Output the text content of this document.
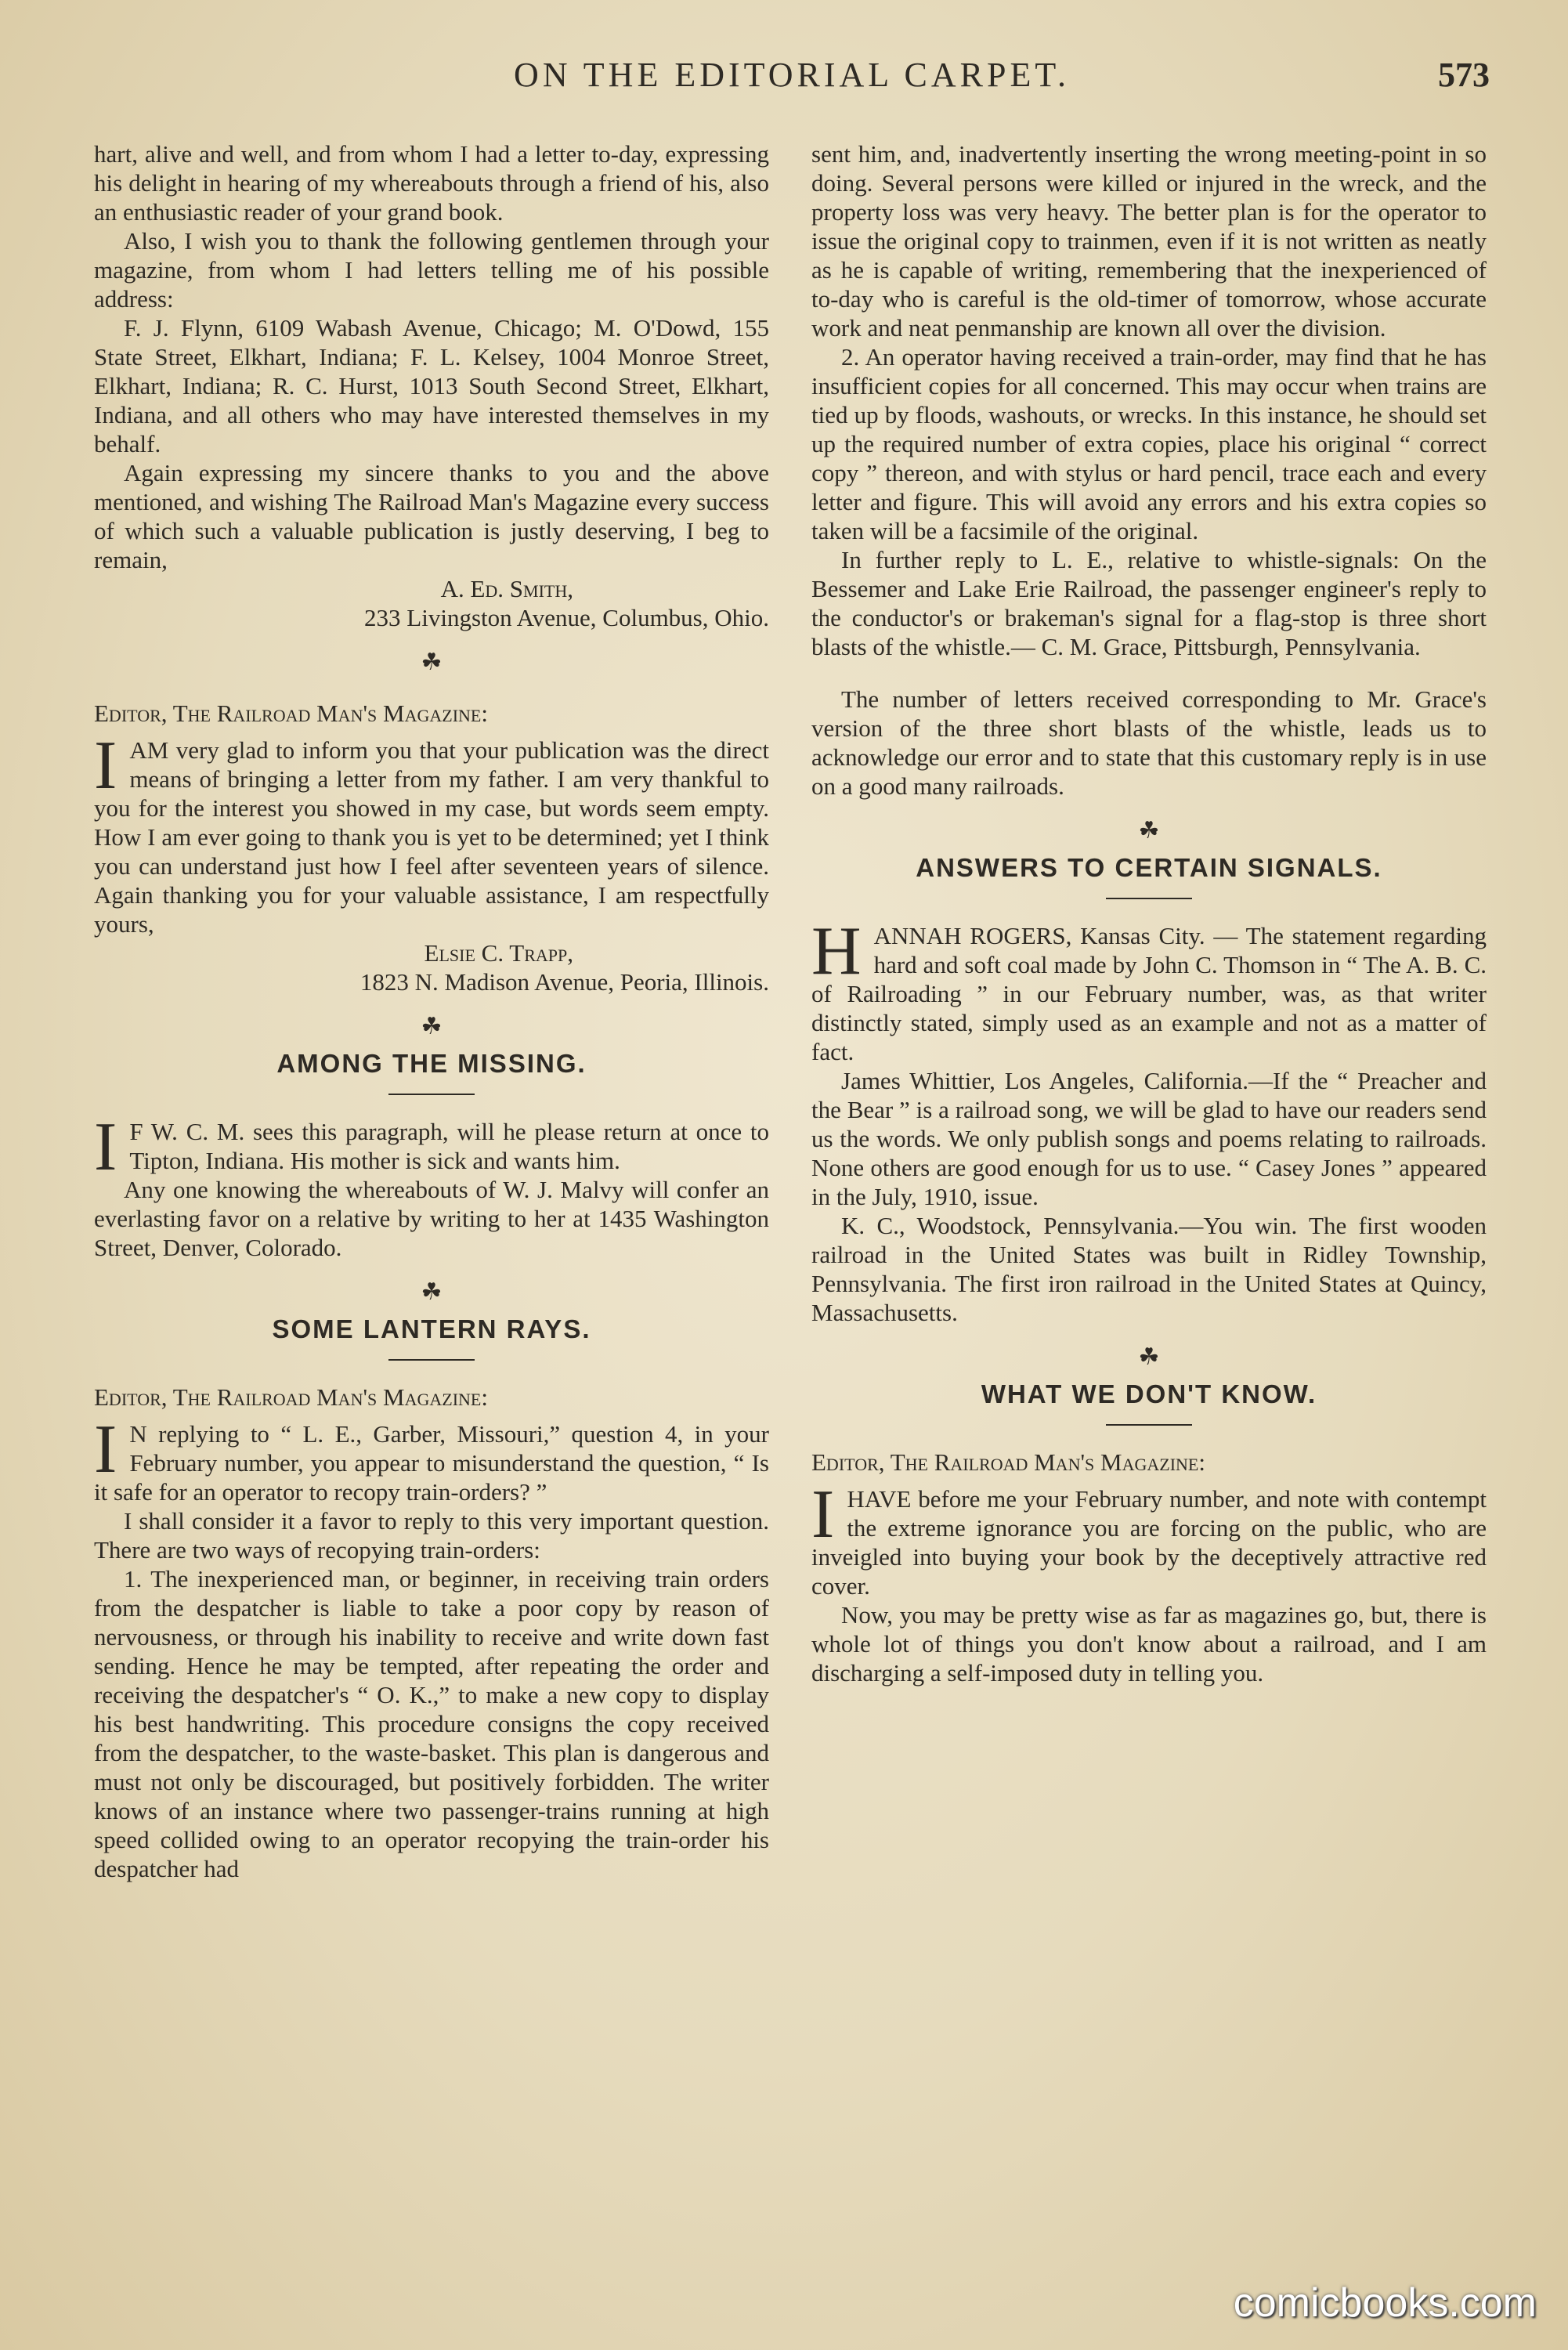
ON THE EDITORIAL CARPET.	573

hart, alive and well, and from whom I had a letter to-day, expressing his delight in hearing of my whereabouts through a friend of his, also an enthusiastic reader of your grand book.

Also, I wish you to thank the following gentlemen through your magazine, from whom I had letters telling me of his possible address:

F. J. Flynn, 6109 Wabash Avenue, Chicago; M. O'Dowd, 155 State Street, Elkhart, Indiana; F. L. Kelsey, 1004 Monroe Street, Elkhart, Indiana; R. C. Hurst, 1013 South Second Street, Elkhart, Indiana, and all others who may have interested themselves in my behalf.

Again expressing my sincere thanks to you and the above mentioned, and wishing The Railroad Man's Magazine every success of which such a valuable publication is justly deserving, I beg to remain,

A. Ed. Smith,

233 Livingston Avenue, Columbus, Ohio.

☘

Editor, The Railroad Man's Magazine:

IAM very glad to inform you that your publication was the direct means of bringing a letter from my father. I am very thankful to you for the interest you showed in my case, but words seem empty. How I am ever going to thank you is yet to be determined; yet I think you can understand just how I feel after seventeen years of silence. Again thanking you for your valuable assistance, I am respectfully yours,

Elsie C. Trapp,

1823 N. Madison Avenue, Peoria, Illinois.

☘
AMONG THE MISSING.

I F W. C. M. sees this paragraph, will he please return at once to Tipton, Indiana. His mother is sick and wants him.

Any one knowing the whereabouts of W. J. Malvy will confer an everlasting favor on a relative by writing to her at 1435 Washington Street, Denver, Colorado.

☘
SOME LANTERN RAYS.

Editor, The Railroad Man's Magazine:

I N replying to “ L. E., Garber, Missouri,” question 4, in your February number, you appear to misunderstand the question, “ Is it safe for an operator to recopy train-orders? ”

I shall consider it a favor to reply to this very important question. There are two ways of recopying train-orders:

1. The inexperienced man, or beginner, in receiving train orders from the despatcher is liable to take a poor copy by reason of nervousness, or through his inability to receive and write down fast sending. Hence he may be tempted, after repeating the order and receiving the despatcher's “ O. K.,” to make a new copy to display his best handwriting. This procedure consigns the copy received from the despatcher, to the waste-basket. This plan is dangerous and must not only be discouraged, but positively forbidden. The writer knows of an instance where two passenger-trains running at high speed collided owing to an operator recopying the train-order his despatcher had

sent him, and, inadvertently inserting the wrong meeting-point in so doing. Several persons were killed or injured in the wreck, and the property loss was very heavy. The better plan is for the operator to issue the original copy to trainmen, even if it is not written as neatly as he is capable of writing, remembering that the inexperienced of to-day who is careful is the old-timer of tomorrow, whose accurate work and neat penmanship are known all over the division.

2. An operator having received a train-order, may find that he has insufficient copies for all concerned. This may occur when trains are tied up by floods, washouts, or wrecks. In this instance, he should set up the required number of extra copies, place his original “ correct copy ” thereon, and with stylus or hard pencil, trace each and every letter and figure. This will avoid any errors and his extra copies so taken will be a facsimile of the original.

In further reply to L. E., relative to whistle-signals: On the Bessemer and Lake Erie Railroad, the passenger engineer's reply to the conductor's or brakeman's signal for a flag-stop is three short blasts of the whistle.— C. M. Grace, Pittsburgh, Pennsylvania.

The number of letters received corresponding to Mr. Grace's version of the three short blasts of the whistle, leads us to acknowledge our error and to state that this customary reply is in use on a good many railroads.

☘
ANSWERS TO CERTAIN SIGNALS.

HANNAH ROGERS, Kansas City. — The statement regarding hard and soft coal made by John C. Thomson in “ The A. B. C. of Railroading ” in our February number, was, as that writer distinctly stated, simply used as an example and not as a matter of fact.

James Whittier, Los Angeles, California.—If the “ Preacher and the Bear ” is a railroad song, we will be glad to have our readers send us the words. We only publish songs and poems relating to railroads. None others are good enough for us to use. “ Casey Jones ” appeared in the July, 1910, issue.

K. C., Woodstock, Pennsylvania.—You win. The first wooden railroad in the United States was built in Ridley Township, Pennsylvania. The first iron railroad in the United States at Quincy, Massachusetts.

☘
WHAT WE DON'T KNOW.

Editor, The Railroad Man's Magazine:

IHAVE before me your February number, and note with contempt the extreme ignorance you are forcing on the public, who are inveigled into buying your book by the deceptively attractive red cover.

Now, you may be pretty wise as far as magazines go, but, there is whole lot of things you don't know about a railroad, and I am discharging a self-imposed duty in telling you.

comicbooks.com
